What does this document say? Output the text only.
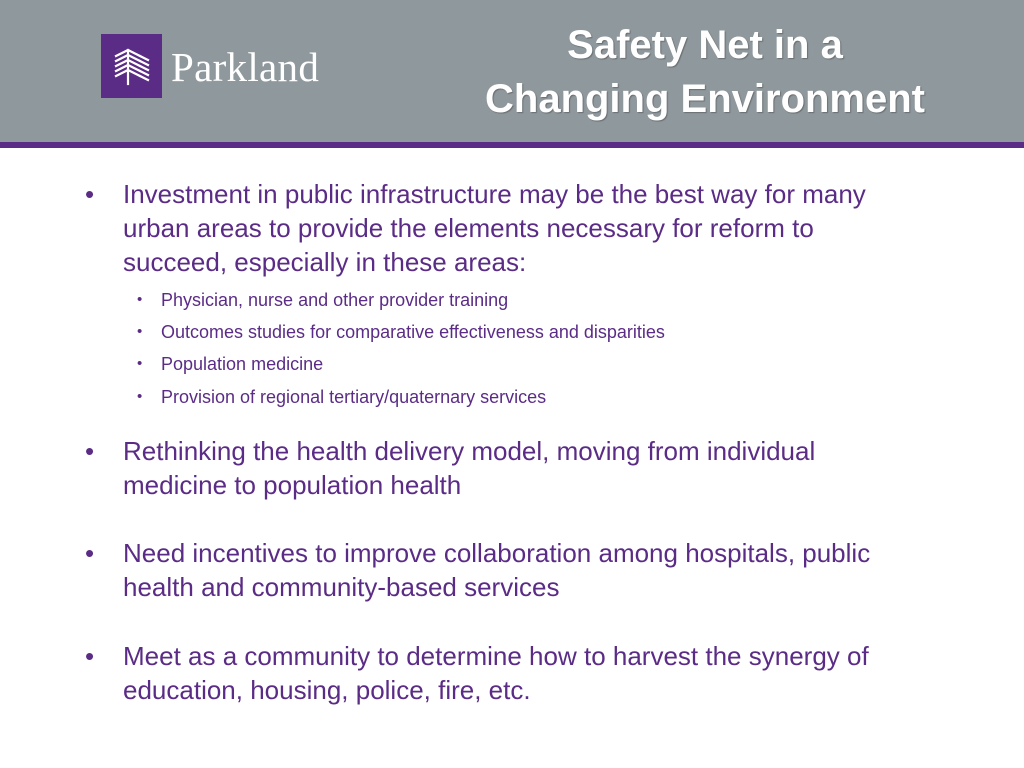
Parkland	Safety Net in a
Changing Environment
• Investment in public infrastructure may be the best way for many
urban areas to provide the elements necessary for reform to
succeed, especially in these areas:
• Physician, nurse and other provider training
• Outcomes studies for comparative effectiveness and disparities
• Population medicine
• Provision of regional tertiary/quaternary services
• Rethinking the health delivery model, moving from individual
medicine to population health
• Need incentives to improve collaboration among hospitals, public
health and community-based services
• Meet as a community to determine how to harvest the synergy of
education, housing, police, fire, etc.
